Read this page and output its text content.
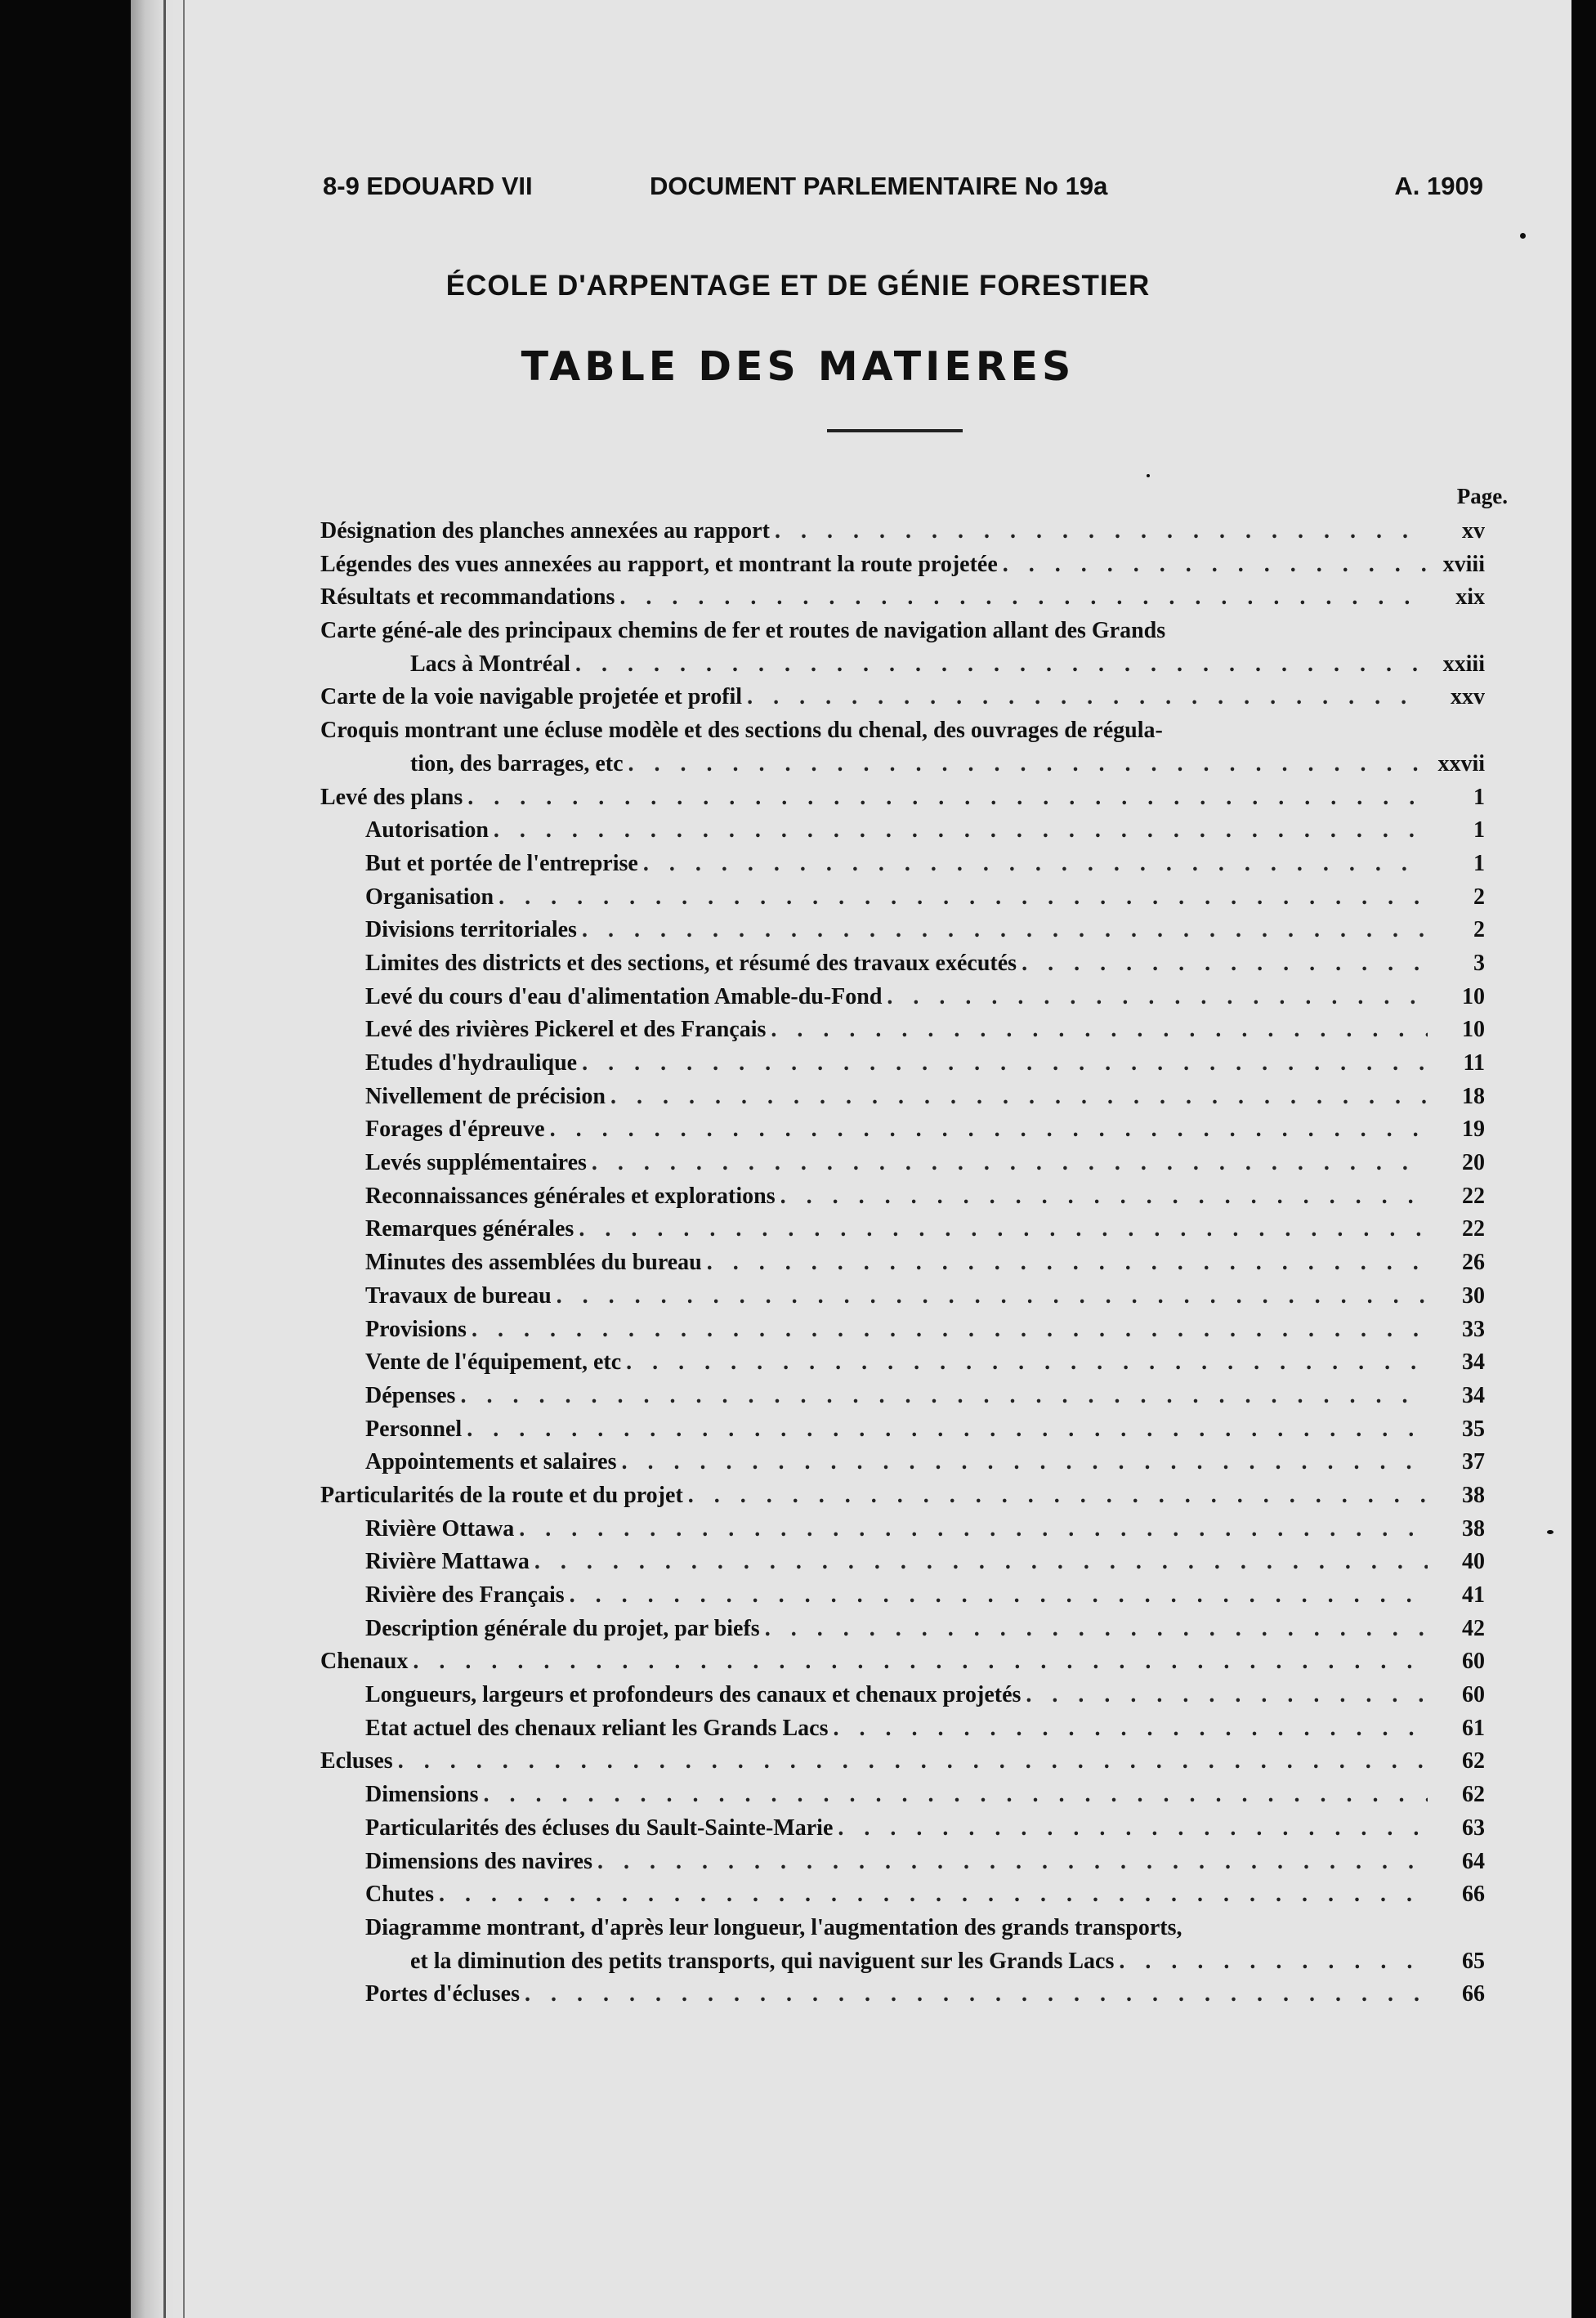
8-9 EDOUARD VII	DOCUMENT PARLEMENTAIRE No 19a	A. 1909
ÉCOLE D'ARPENTAGE ET DE GÉNIE FORESTIER
TABLE DES MATIERES
Page.
Désignation des planches annexées au rapport . . .	xv
Légendes des vues annexées au rapport, et montrant la route projetée . . .	xviii
Résultats et recommandations . . .	xix
Carte géné-ale des principaux chemins de fer et routes de navigation allant des Grands
Lacs à Montréal . . .	xxiii
Carte de la voie navigable projetée et profil . . .	xxv
Croquis montrant une écluse modèle et des sections du chenal, des ouvrages de régula-
tion, des barrages, etc . . .	xxvii
Levé des plans . . .	1
Autorisation . . .	1
But et portée de l'entreprise . . .	1
Organisation . . .	2
Divisions territoriales . . .	2
Limites des districts et des sections, et résumé des travaux exécutés . . .	3
Levé du cours d'eau d'alimentation Amable-du-Fond . . .	10
Levé des rivières Pickerel et des Français . . .	10
Etudes d'hydraulique . . .	11
Nivellement de précision . . .	18
Forages d'épreuve . . .	19
Levés supplémentaires . . .	20
Reconnaissances générales et explorations . . .	22
Remarques générales . . .	22
Minutes des assemblées du bureau . . .	26
Travaux de bureau . . .	30
Provisions . . .	33
Vente de l'équipement, etc . . .	34
Dépenses . . .	34
Personnel . . .	35
Appointements et salaires . . .	37
Particularités de la route et du projet . . .	38
Rivière Ottawa . . .	38
Rivière Mattawa . . .	40
Rivière des Français . . .	41
Description générale du projet, par biefs . . .	42
Chenaux . . .	60
Longueurs, largeurs et profondeurs des canaux et chenaux projetés . . .	60
Etat actuel des chenaux reliant les Grands Lacs . . .	61
Ecluses . . .	62
Dimensions . . .	62
Particularités des écluses du Sault-Sainte-Marie . . .	63
Dimensions des navires . . .	64
Chutes . . .	66
Diagramme montrant, d'après leur longueur, l'augmentation des grands transports,
et la diminution des petits transports, qui naviguent sur les Grands Lacs . . .	65
Portes d'écluses . . .	66
